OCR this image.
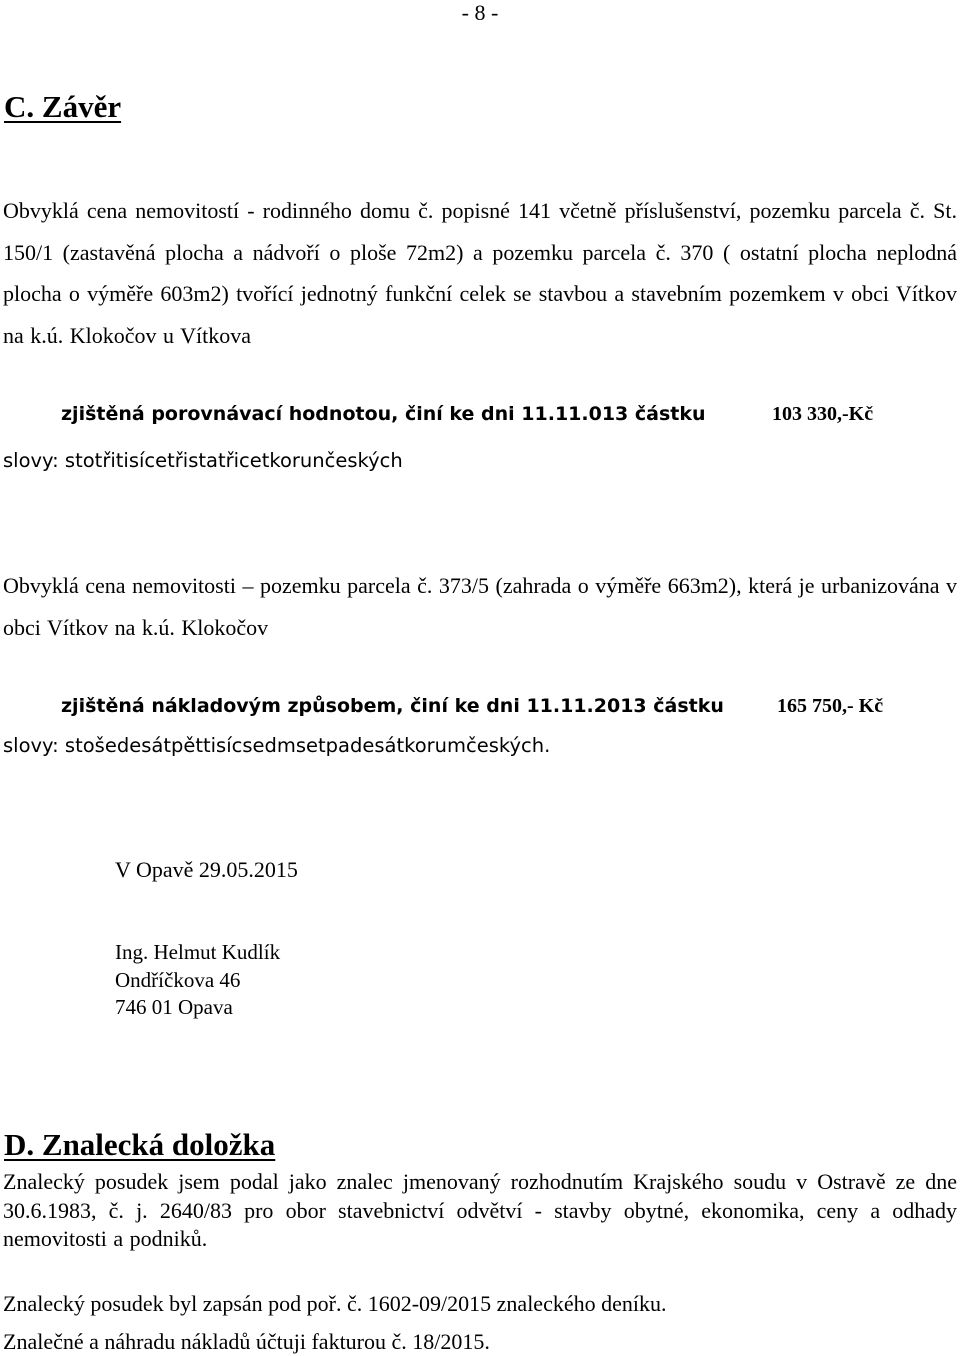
- 8 -
C. Závěr
Obvyklá cena nemovitostí - rodinného domu č. popisné 141 včetně příslušenství, pozemku parcela č. St. 150/1 (zastavěná plocha a nádvoří o ploše 72m2) a pozemku parcela č. 370 ( ostatní plocha neplodná plocha o výměře 603m2) tvořící jednotný funkční celek se stavbou a stavebním pozemkem v obci Vítkov na k.ú. Klokočov u Vítkova
zjištěná porovnávací hodnotou, činí ke dni 11.11.013 částku	103 330,-Kč
slovy: stotřitisícetřistatřicetkorunčeských
Obvyklá cena nemovitosti – pozemku parcela č. 373/5 (zahrada o výměře 663m2), která je urbanizována v obci Vítkov na k.ú. Klokočov
zjištěná nákladovým způsobem, činí ke dni 11.11.2013 částku	165 750,- Kč
slovy: stošedesátpěttisícsedmsetpadesátkorumčeských.
V Opavě 29.05.2015
Ing. Helmut Kudlík
Ondříčkova 46
746 01 Opava
D. Znalecká doložka
Znalecký posudek jsem podal jako znalec jmenovaný rozhodnutím Krajského soudu v Ostravě ze dne 30.6.1983, č. j. 2640/83 pro obor stavebnictví odvětví - stavby obytné, ekonomika, ceny a odhady nemovitosti a podniků.
Znalecký posudek byl zapsán pod poř. č. 1602-09/2015 znaleckého deníku.
Znalečné a náhradu nákladů účtuji fakturou č. 18/2015.
